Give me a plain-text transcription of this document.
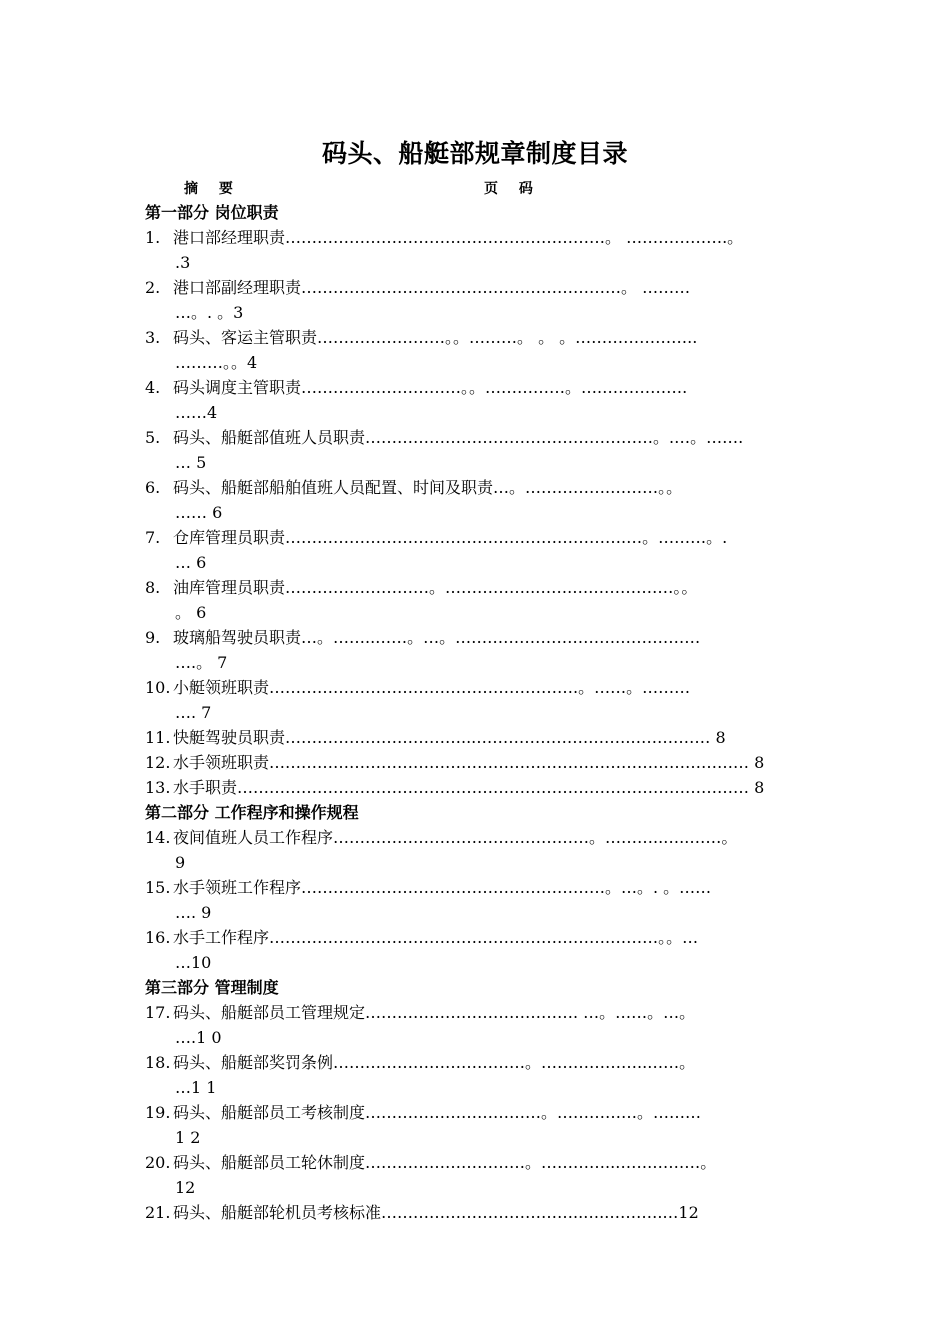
码头、船艇部规章制度目录
摘 要	页 码
第一部分 岗位职责
1. 港口部经理职责……………………………………………………。 ……………….。
.3
2. 港口部副经理职责……………………………………………………。 ………
…。. 。3
3. 码头、客运主管职责……………………。。………。 。 。…………………..
………。。4
4. 码头调度主管职责…………………………。。……………。….…………….
……4
5. 码头、船艇部值班人员职责………………………………………………。.…。…….
… 5
6. 码头、船艇部船舶值班人员配置、时间及职责…。…………….………。。
…… 6
7. 仓库管理员职责……………………………………………………….…。………。.
… 6
8. 油库管理员职责………………………。……………..…….….……………。。
。 6
9. 玻璃船驾驶员职责…。……..……。…。………………………….……………
….。 7
10. 小艇领班职责………………………………………………….。……。………
…. 7
11. 快艇驾驶员职责……………………………...………………….…….…………… 8
12. 水手领班职责……………………………………………………………………………… 8
13. 水手职责…………………………………………………………………………………… 8
第二部分 工作程序和操作规程
14. 夜间值班人员工作程序…………………………………………。………..…..……。
9
15. 水手领班工作程序…………………………………………………。…。. 。……
…. 9
16. 水手工作程序……………………………………………………….………。。…
…10
第三部分 管理制度
17. 码头、船艇部员工管理规定…………………………………. …。……。…。
….1 0
18. 码头、船艇部奖罚条例………………………………。………………..……。
…1 1
19. 码头、船艇部员工考核制度……………………………。……………。………
1 2
20. 码头、船艇部员工轮休制度…………………………。…………..…….………。
12
21. 码头、船艇部轮机员考核标准………………………………..…..……….…12
